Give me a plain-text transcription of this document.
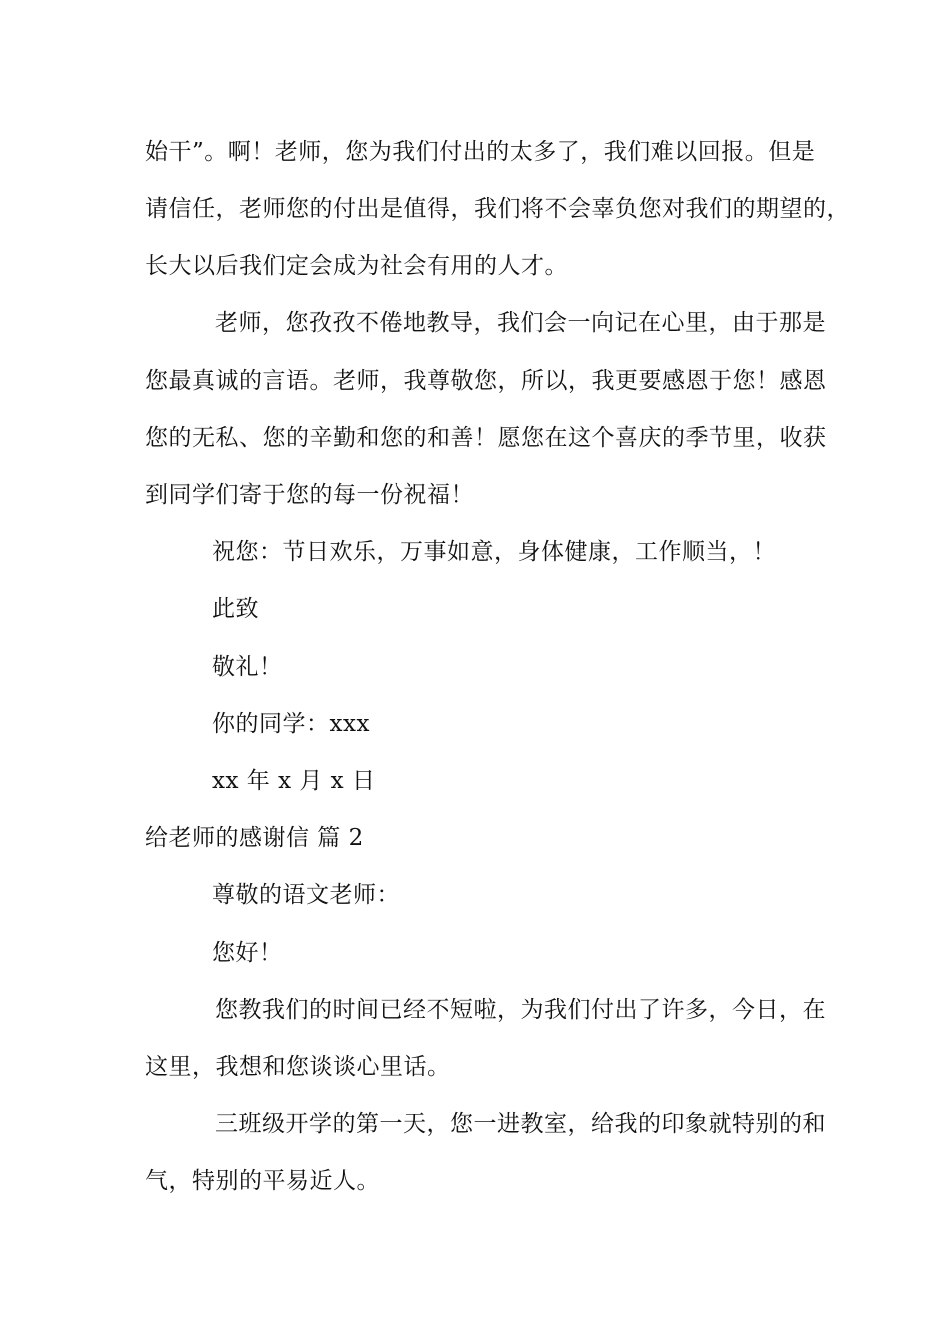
始干”。啊！老师，您为我们付出的太多了，我们难以回报。但是
请信任，老师您的付出是值得，我们将不会辜负您对我们的期望的，
长大以后我们定会成为社会有用的人才。
老师，您孜孜不倦地教导，我们会一向记在心里，由于那是
您最真诚的言语。老师，我尊敬您，所以，我更要感恩于您！感恩
您的无私、您的辛勤和您的和善！愿您在这个喜庆的季节里，收获
到同学们寄于您的每一份祝福！
祝您：节日欢乐，万事如意，身体健康，工作顺当，！
此致
敬礼！
你的同学：xxx
xx 年 x 月 x 日
给老师的感谢信 篇 2
尊敬的语文老师：
您好！
您教我们的时间已经不短啦，为我们付出了许多，今日，在
这里，我想和您谈谈心里话。
三班级开学的第一天，您一进教室，给我的印象就特别的和
气，特别的平易近人。
